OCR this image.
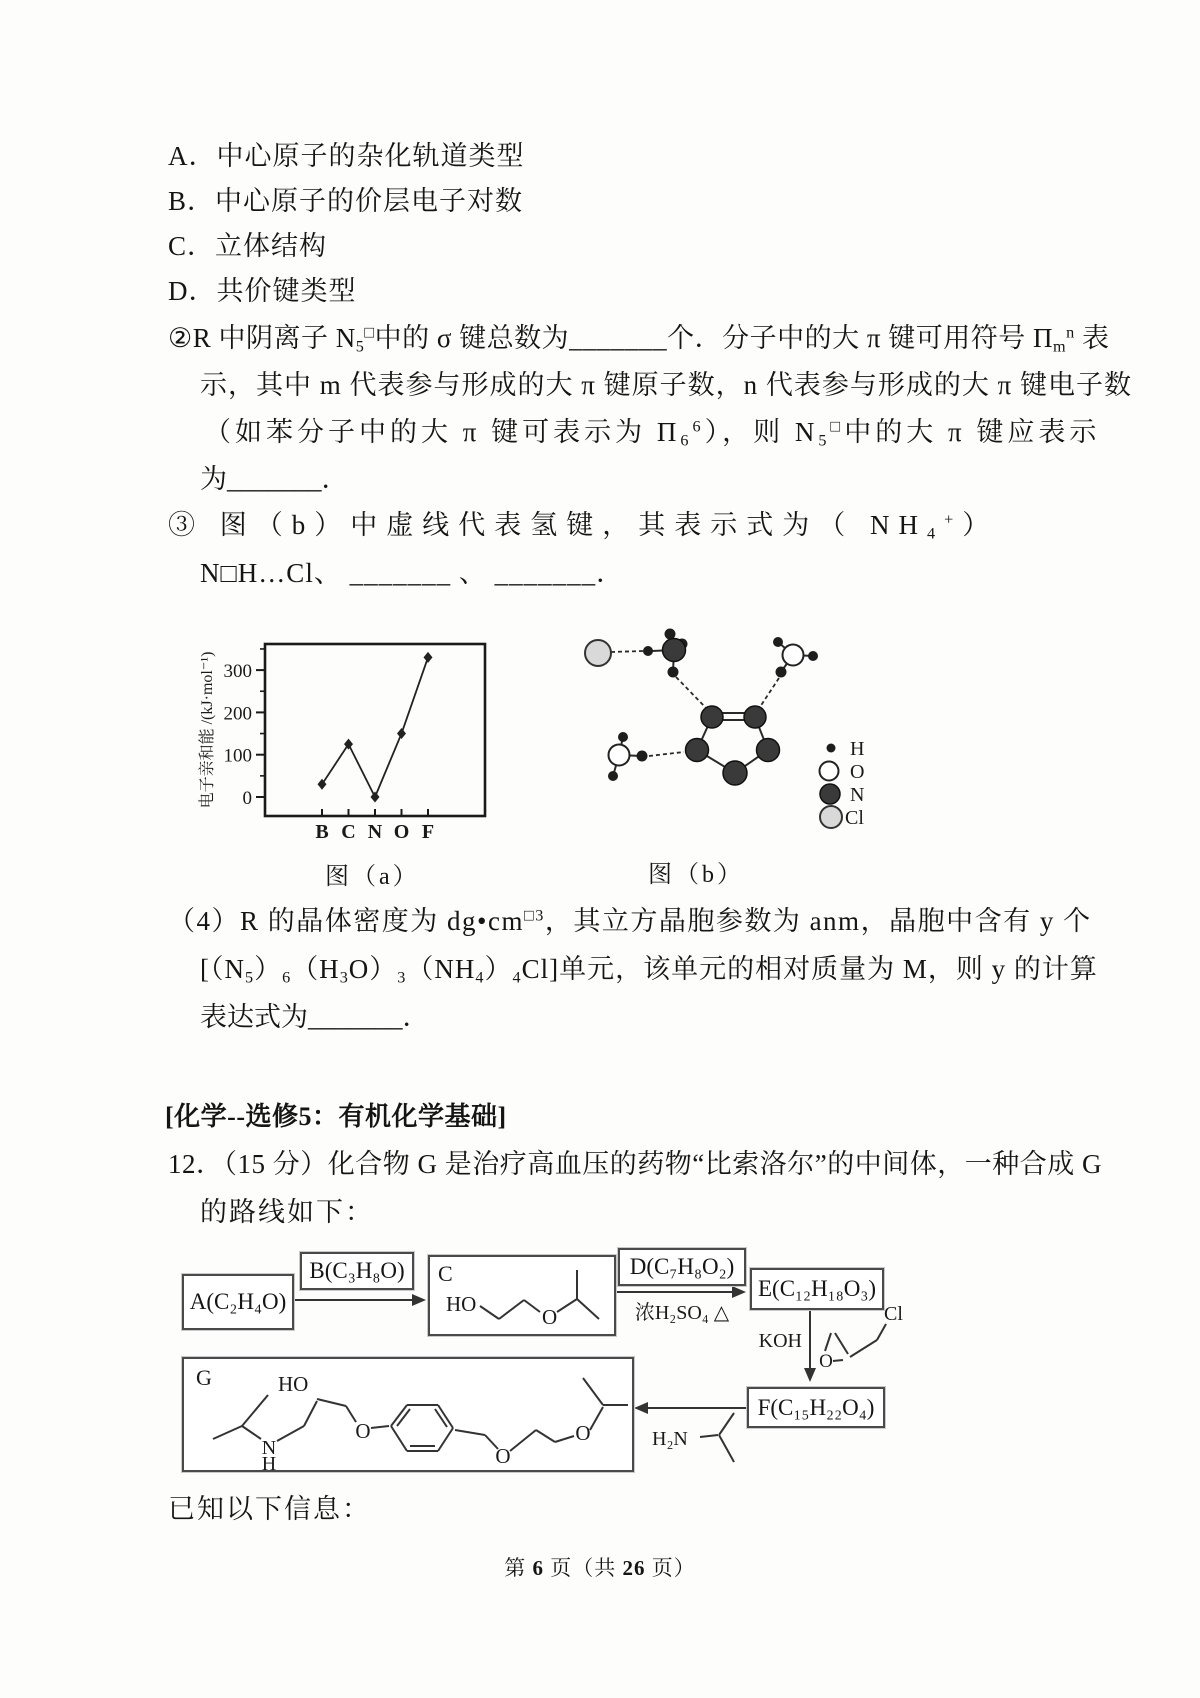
A．中心原子的杂化轨道类型
B．中心原子的价层电子对数
C．立体结构
D．共价键类型
②R 中阴离子 N5□中的 σ 键总数为_______个．分子中的大 π 键可用符号 $\Pi m^n$ 表
示，其中 m 代表参与形成的大 π 键原子数，n 代表参与形成的大 π 键电子数
（如苯分子中的大 π 键可表示为 $\Pi 6^6$），则 N5□中的大 π 键应表示
为_______．
③ 图（b）中虚线代表氢键，其表示式为（ NH4+）
N□H…Cl、 _______ 、 _______．
0
100
200
300
B C N O F
电子亲和能 /(kJ·mol⁻¹)
图（a）
H
O
N
Cl
图（b）
（4）R 的晶体密度为 $dg•cm^{□3}$，其立方晶胞参数为 anm，晶胞中含有 y 个
[（N5）6（H3O）3（NH4）4Cl]单元，该单元的相对质量为 M，则 y 的计算
表达式为_______．
[化学--选修5：有机化学基础]
12．（15 分）化合物 G 是治疗高血压的药物“比索洛尔”的中间体，一种合成 G
的路线如下：
浓H₂SO₄ △
KOH
O
Cl
H₂N
A(C₂H₄O)
B(C₃H₈O)	D(C₇H₈O₂)
E(C₁₂H₁₈O₃)
F(C₁₅H₂₂O₄)
C
HO
O
G	HO
N
H
O
O
O
已知以下信息：
第 6 页（共 26 页）
